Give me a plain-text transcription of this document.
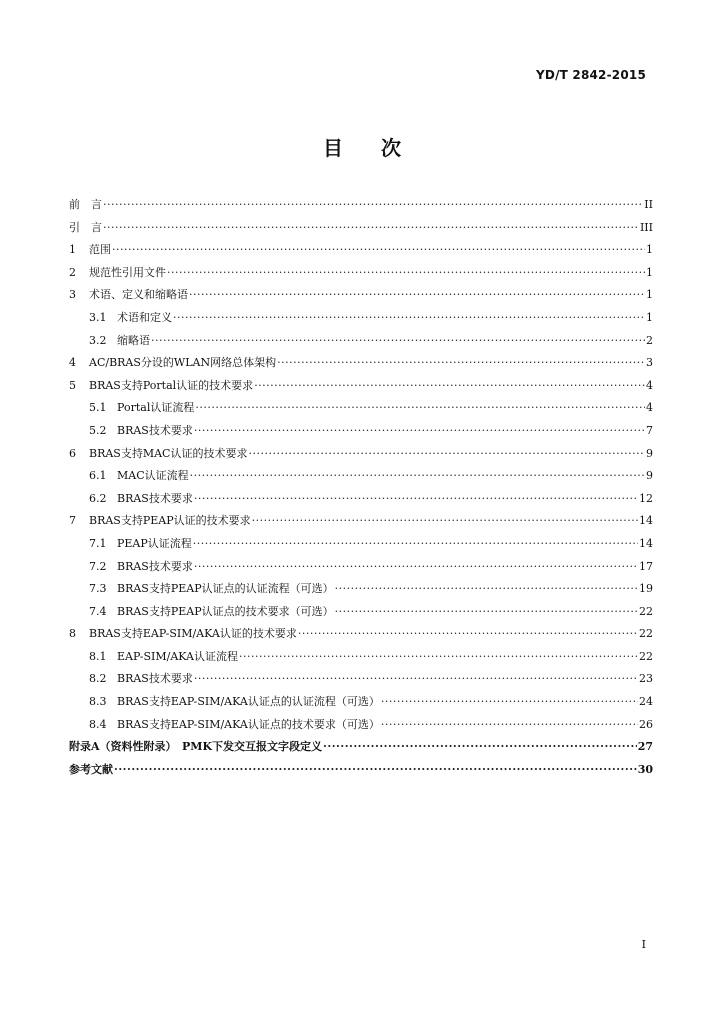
YD/T 2842-2015
目 次
前　言 ·····	II
引　言 ·····	III
1	范围 ·····	1
2	规范性引用文件 ·····	1
3	术语、定义和缩略语 ·····	1
3.1 术语和定义 ·····	1
3.2 缩略语 ·····	2
4	AC/BRAS分设的WLAN网络总体架构 ·····	3
5	BRAS支持Portal认证的技术要求 ·····	4
5.1 Portal认证流程 ·····	4
5.2 BRAS技术要求 ·····	7
6	BRAS支持MAC认证的技术要求 ·····	9
6.1 MAC认证流程 ·····	9
6.2 BRAS技术要求 ·····	12
7	BRAS支持PEAP认证的技术要求 ·····	14
7.1 PEAP认证流程 ·····	14
7.2 BRAS技术要求 ·····	17
7.3 BRAS支持PEAP认证点的认证流程（可选） ·····	19
7.4 BRAS支持PEAP认证点的技术要求（可选） ·····	22
8	BRAS支持EAP-SIM/AKA认证的技术要求 ·····	22
8.1 EAP-SIM/AKA认证流程 ·····	22
8.2 BRAS技术要求 ·····	23
8.3 BRAS支持EAP-SIM/AKA认证点的认证流程（可选） ·····	24
8.4 BRAS支持EAP-SIM/AKA认证点的技术要求（可选） ·····	26
附录A（资料性附录）　PMK下发交互报文字段定义 ·····	27
参考文献 ·····	30
I
